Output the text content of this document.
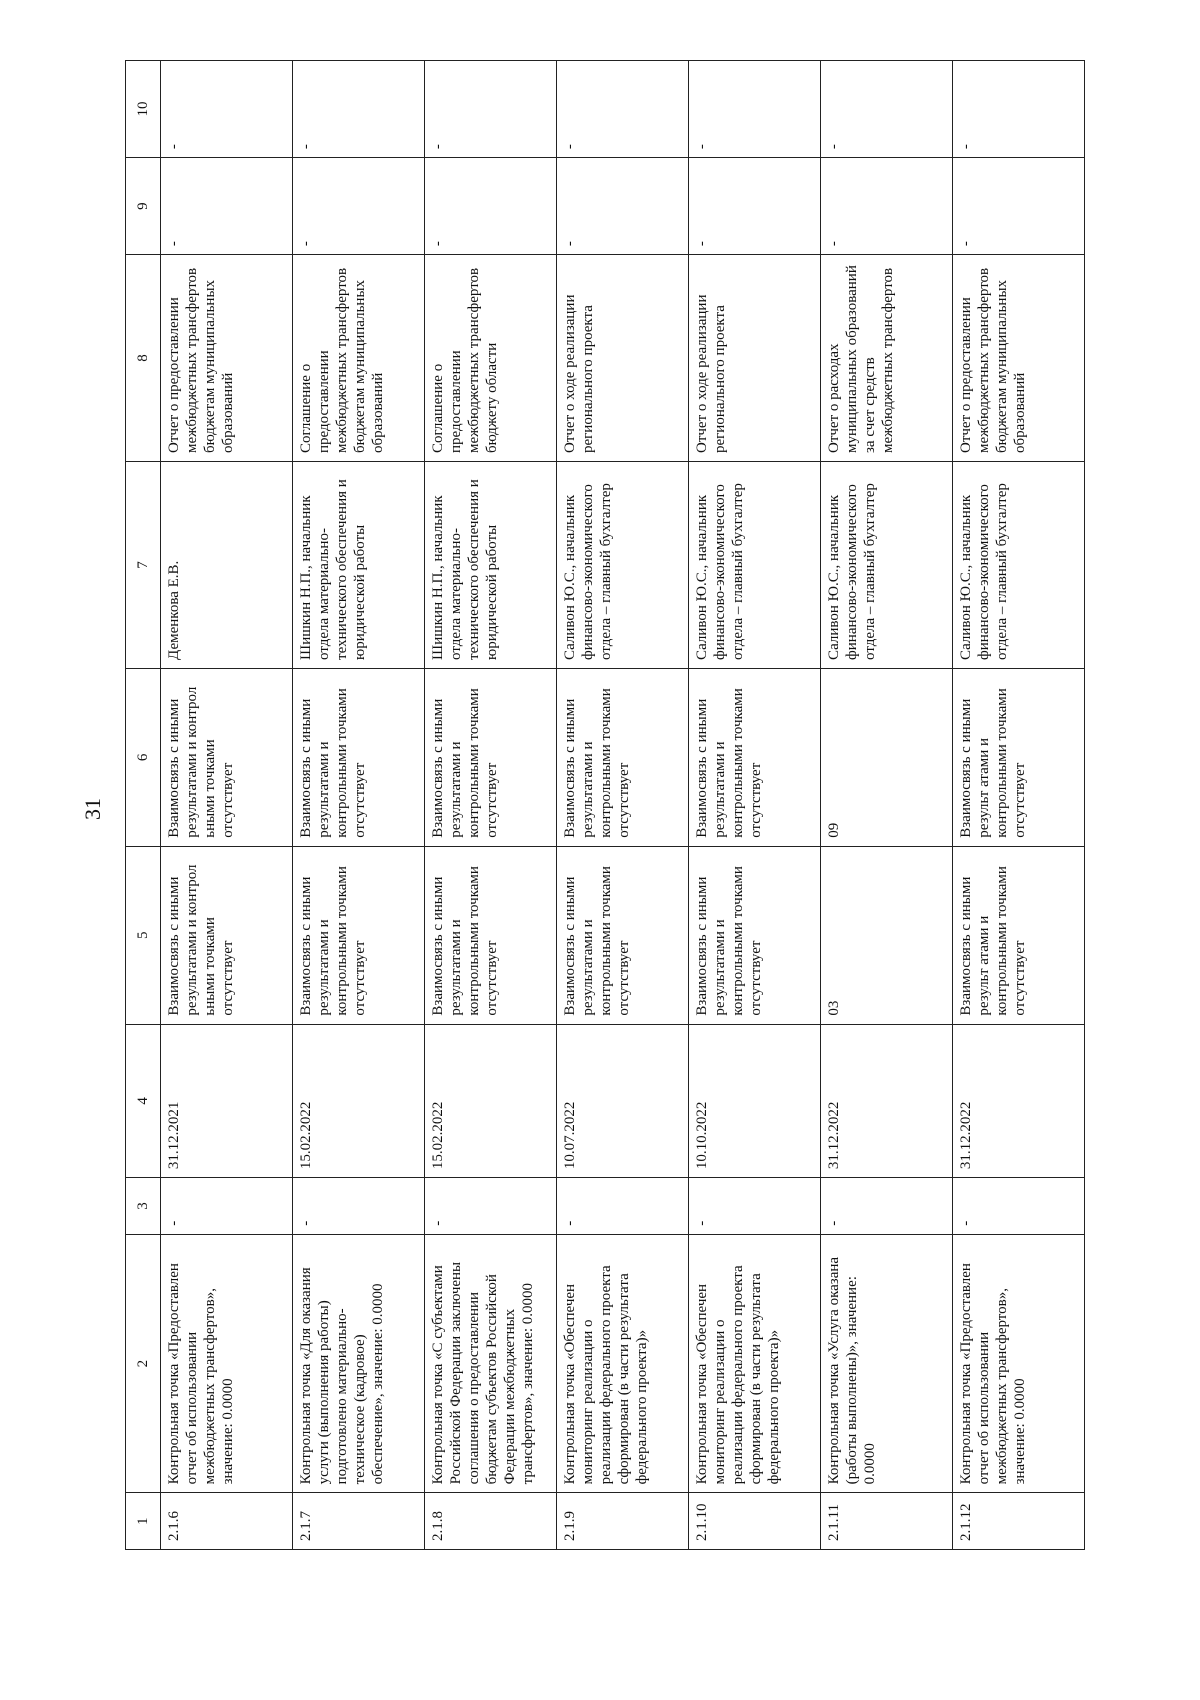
31
1	2	3	4	5	6	7	8	9	10
2.1.6	Контрольная точка «Предоставлен отчет об использовании межбюджетных трансфертов», значение: 0.0000	-	31.12.2021	Взаимосвязь с иными результатами и контрол ьными точками отсутствует	Взаимосвязь с иными результатами и контрол ьными точками отсутствует	Деменкова Е.В.	Отчет о предоставлении межбюджетных трансфертов бюджетам муниципальных образований	-	-
2.1.7	Контрольная точка «Для оказания услуги (выполнения работы) подготовлено материально-техническое (кадровое) обеспечение», значение: 0.0000	-	15.02.2022	Взаимосвязь с иными результатами и контрольными точками отсутствует	Взаимосвязь с иными результатами и контрольными точками отсутствует	Шишкин Н.П., начальник отдела материально-технического обеспечения и юридической работы	Соглашение о предоставлении межбюджетных трансфертов бюджетам муниципальных образований	-	-
2.1.8	Контрольная точка «С субъектами Российской Федерации заключены соглашения о предоставлении бюджетам субъектов Российской Федерации межбюджетных трансфертов», значение: 0.0000	-	15.02.2022	Взаимосвязь с иными результатами и контрольными точками отсутствует	Взаимосвязь с иными результатами и контрольными точками отсутствует	Шишкин Н.П., начальник отдела материально-технического обеспечения и юридической работы	Соглашение о предоставлении межбюджетных трансфертов бюджету области	-	-
2.1.9	Контрольная точка «Обеспечен мониторинг реализации о реализации федерального проекта сформирован (в части результата федерального проекта)»	-	10.07.2022	Взаимосвязь с иными результатами и контрольными точками отсутствует	Взаимосвязь с иными результатами и контрольными точками отсутствует	Саливон Ю.С., начальник финансово-экономического отдела – главный бухгалтер	Отчет о ходе реализации регионального проекта	-	-
2.1.10	Контрольная точка «Обеспечен мониторинг реализации о реализации федерального проекта сформирован (в части результата федерального проекта)»	-	10.10.2022	Взаимосвязь с иными результатами и контрольными точками отсутствует	Взаимосвязь с иными результатами и контрольными точками отсутствует	Саливон Ю.С., начальник финансово-экономического отдела – главный бухгалтер	Отчет о ходе реализации регионального проекта	-	-
2.1.11	Контрольная точка «Услуга оказана (работы выполнены)», значение: 0.0000	-	31.12.2022	03	09	Саливон Ю.С., начальник финансово-экономического отдела – главный бухгалтер	Отчет о расходах муниципальных образований за счет средств межбюджетных трансфертов	-	-
2.1.12	Контрольная точка «Предоставлен отчет об использовании межбюджетных трансфертов», значение: 0.0000	-	31.12.2022	Взаимосвязь с иными результ атами и контрольными точками отсутствует	Взаимосвязь с иными результ атами и контрольными точками отсутствует	Саливон Ю.С., начальник финансово-экономического отдела – главный бухгалтер	Отчет о предоставлении межбюджетных трансфертов бюджетам муниципальных образований	-	-
